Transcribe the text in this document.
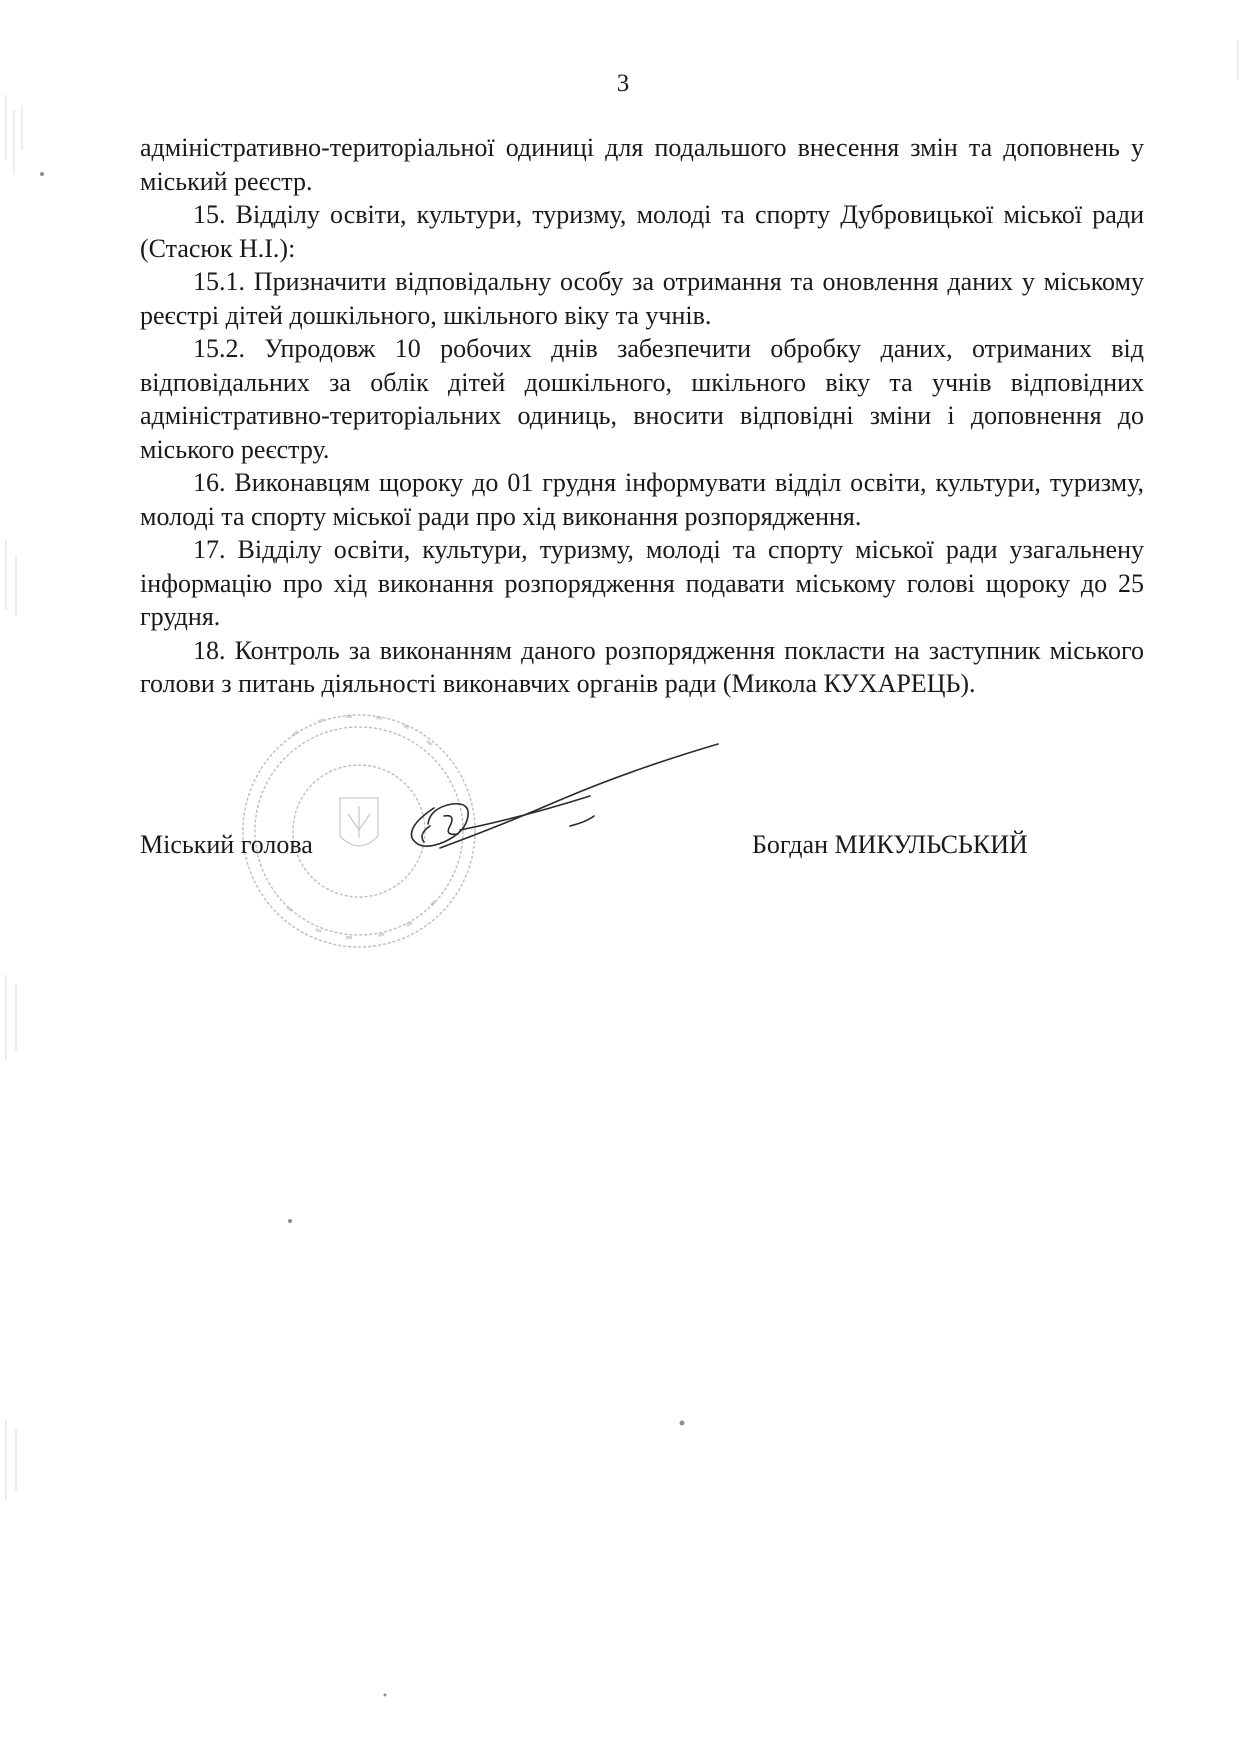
3

адміністративно-територіальної одиниці для подальшого внесення змін та доповнень у міський реєстр.

15. Відділу освіти, культури, туризму, молоді та спорту Дубровицької міської ради (Стасюк Н.І.):

15.1. Призначити відповідальну особу за отримання та оновлення даних у міському реєстрі дітей дошкільного, шкільного віку та учнів.

15.2. Упродовж 10 робочих днів забезпечити обробку даних, отриманих від відповідальних за облік дітей дошкільного, шкільного віку та учнів відповідних адміністративно-територіальних одиниць, вносити відповідні зміни і доповнення до міського реєстру.

16. Виконавцям щороку до 01 грудня інформувати відділ освіти, культури, туризму, молоді та спорту міської ради про хід виконання розпорядження.

17. Відділу освіти, культури, туризму, молоді та спорту міської ради узагальнену інформацію про хід виконання розпорядження подавати міському голові щороку до 25 грудня.

18. Контроль за виконанням даного розпорядження покласти на заступник міського голови з питань діяльності виконавчих органів ради (Микола КУХАРЕЦЬ).

Міський голова	Богдан МИКУЛЬСЬКИЙ
